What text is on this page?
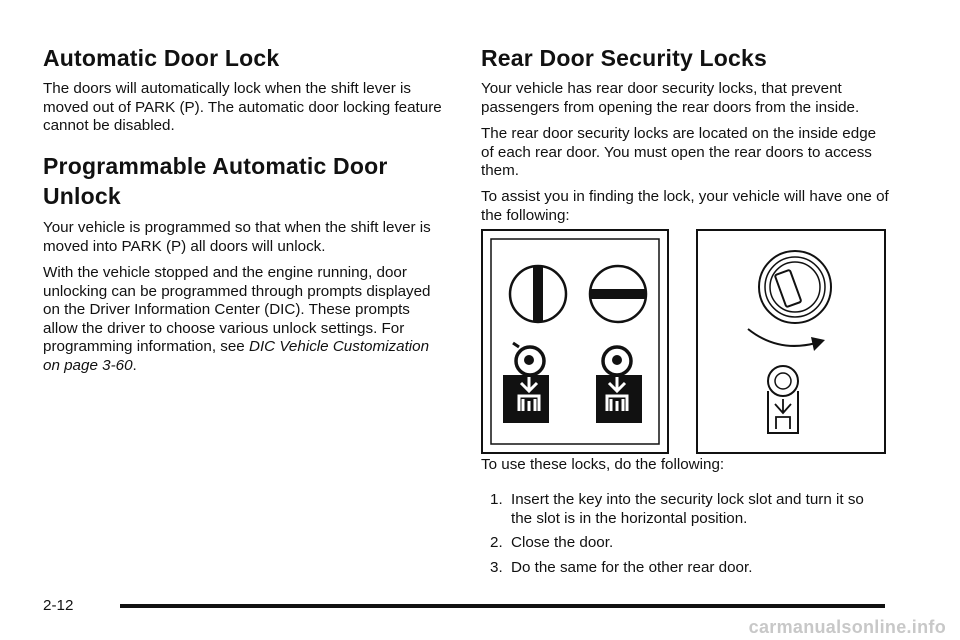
Automatic Door Lock

The doors will automatically lock when the shift lever is moved out of PARK (P). The automatic door locking feature cannot be disabled.

Programmable Automatic Door
Unlock

Your vehicle is programmed so that when the shift lever is moved into PARK (P) all doors will unlock.

With the vehicle stopped and the engine running, door unlocking can be programmed through prompts displayed on the Driver Information Center (DIC). These prompts allow the driver to choose various unlock settings. For programming information, see DIC Vehicle Customization on page 3-60.

Rear Door Security Locks

Your vehicle has rear door security locks, that prevent passengers from opening the rear doors from the inside.

The rear door security locks are located on the inside edge of each rear door. You must open the rear doors to access them.

To assist you in finding the lock, your vehicle will have one of the following:

To use these locks, do the following:

1. Insert the key into the security lock slot and turn it so the slot is in the horizontal position.
2. Close the door.
3. Do the same for the other rear door.
2-12
carmanualsonline.info
